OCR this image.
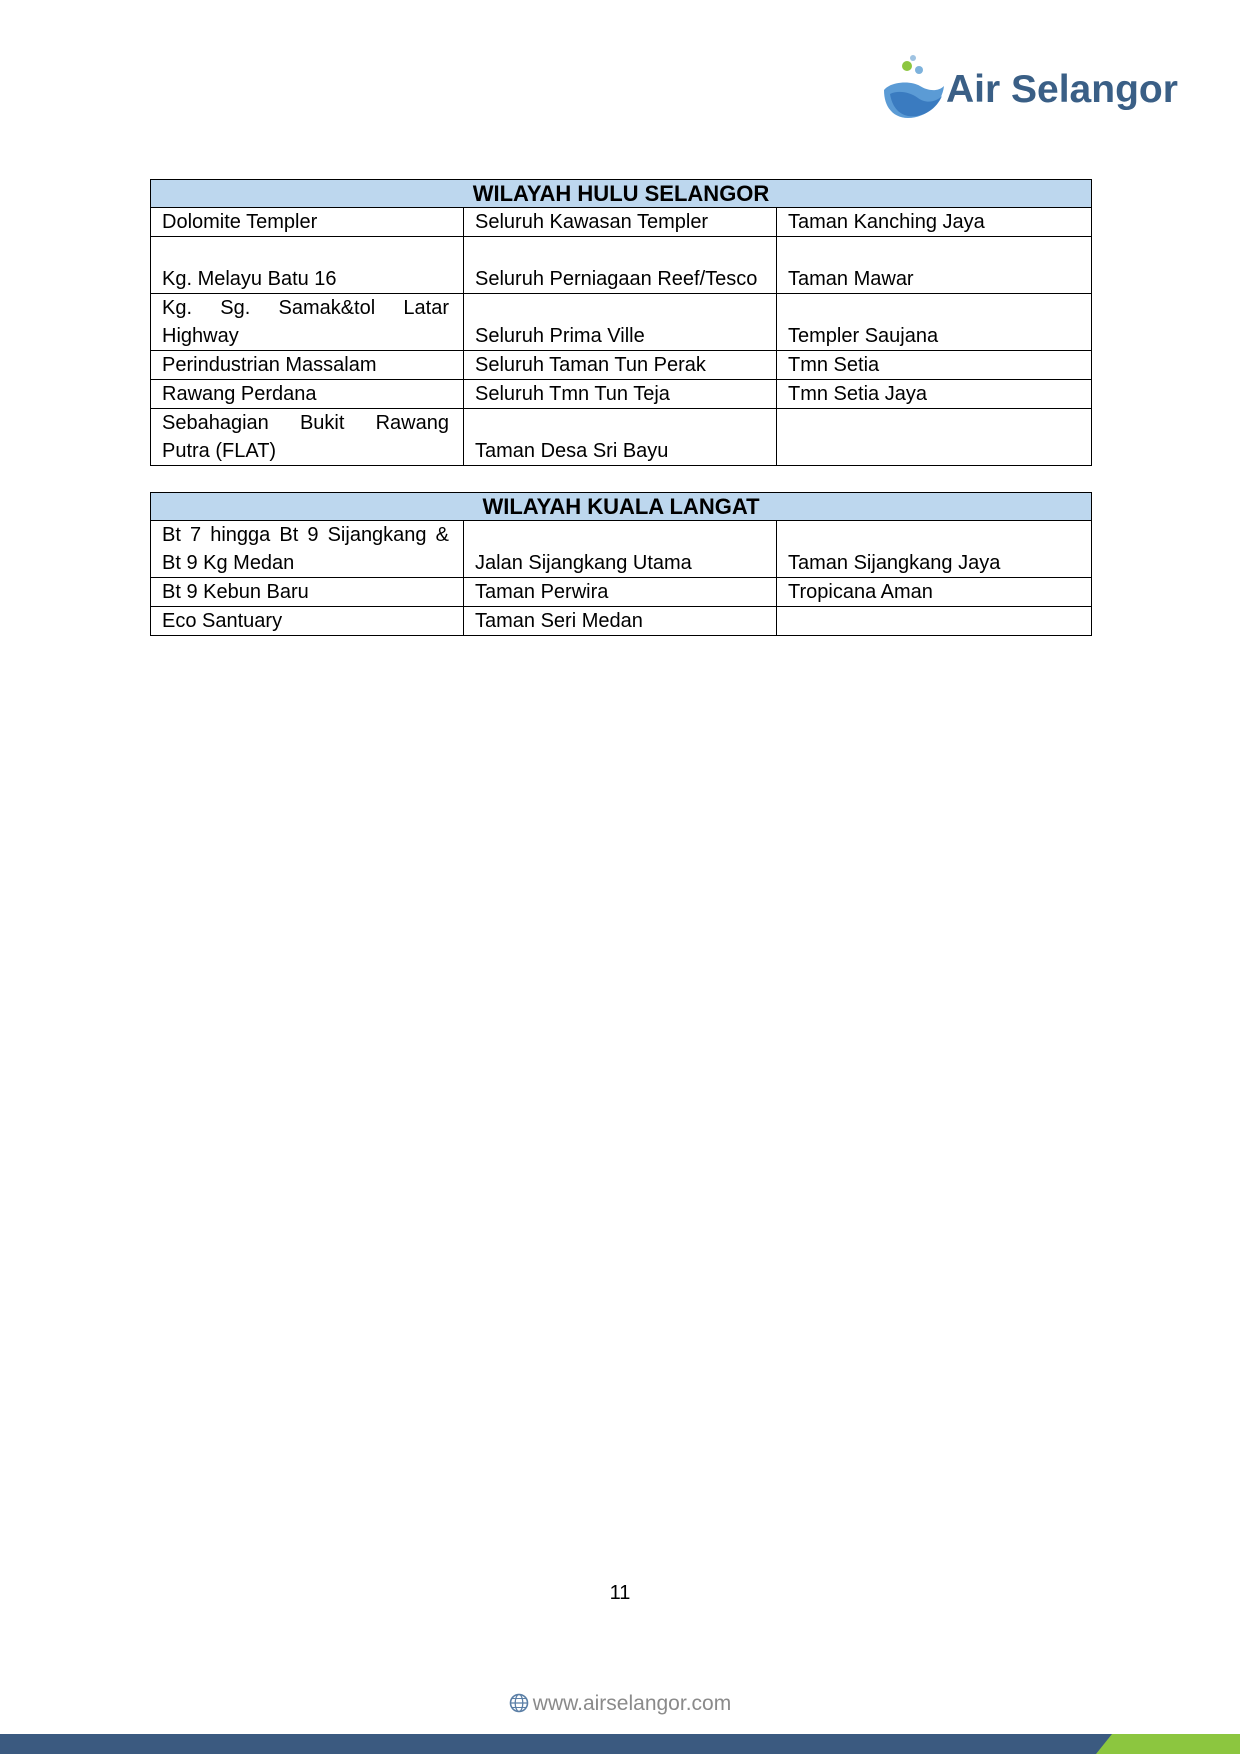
Air Selangor
WILAYAH HULU SELANGOR		
Dolomite Templer	Seluruh Kawasan Templer	Taman Kanching Jaya
Kg. Melayu Batu 16	Seluruh Perniagaan Reef/Tesco	Taman Mawar
Kg. Sg. Samak&tol Latar Highway	Seluruh Prima Ville	Templer Saujana
Perindustrian Massalam	Seluruh Taman Tun Perak	Tmn Setia
Rawang Perdana	Seluruh Tmn Tun Teja	Tmn Setia Jaya
Sebahagian Bukit Rawang Putra (FLAT)	Taman Desa Sri Bayu	
WILAYAH KUALA LANGAT		
Bt 7 hingga Bt 9 Sijangkang & Bt 9 Kg Medan	Jalan Sijangkang Utama	Taman Sijangkang Jaya
Bt 9 Kebun Baru	Taman Perwira	Tropicana Aman
Eco Santuary	Taman Seri Medan	
11
www.airselangor.com
